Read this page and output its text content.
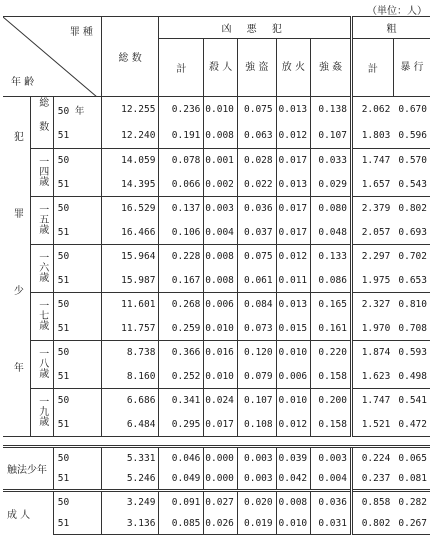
（単位：人）
罪 種
年 齢			総 数	凶 悪 犯					粗	
				計	殺 人	強 盗	放 火	強 姦	計	暴 行
犯 罪 少 年	総数	50 年	12.255	0.236	0.010	0.075	0.013	0.138	2.062	0.670
		51	12.240	0.191	0.008	0.063	0.012	0.107	1.803	0.596
	一四歳	50	14.059	0.078	0.001	0.028	0.017	0.033	1.747	0.570
		51	14.395	0.066	0.002	0.022	0.013	0.029	1.657	0.543
	一五歳	50	16.529	0.137	0.003	0.036	0.017	0.080	2.379	0.802
		51	16.466	0.106	0.004	0.037	0.017	0.048	2.057	0.693
	一六歳	50	15.964	0.228	0.008	0.075	0.012	0.133	2.297	0.702
		51	15.987	0.167	0.008	0.061	0.011	0.086	1.975	0.653
	一七歳	50	11.601	0.268	0.006	0.084	0.013	0.165	2.327	0.810
		51	11.757	0.259	0.010	0.073	0.015	0.161	1.970	0.708
	一八歳	50	8.738	0.366	0.016	0.120	0.010	0.220	1.874	0.593
		51	8.160	0.252	0.010	0.079	0.006	0.158	1.623	0.498
	一九歳	50	6.686	0.341	0.024	0.107	0.010	0.200	1.747	0.541
		51	6.484	0.295	0.017	0.108	0.012	0.158	1.521	0.472

触法少年		50	5.331	0.046	0.000	0.003	0.039	0.003	0.224	0.065
		51	5.246	0.049	0.000	0.003	0.042	0.004	0.237	0.081
成 人		50	3.249	0.091	0.027	0.020	0.008	0.036	0.858	0.282
		51	3.136	0.085	0.026	0.019	0.010	0.031	0.802	0.267
